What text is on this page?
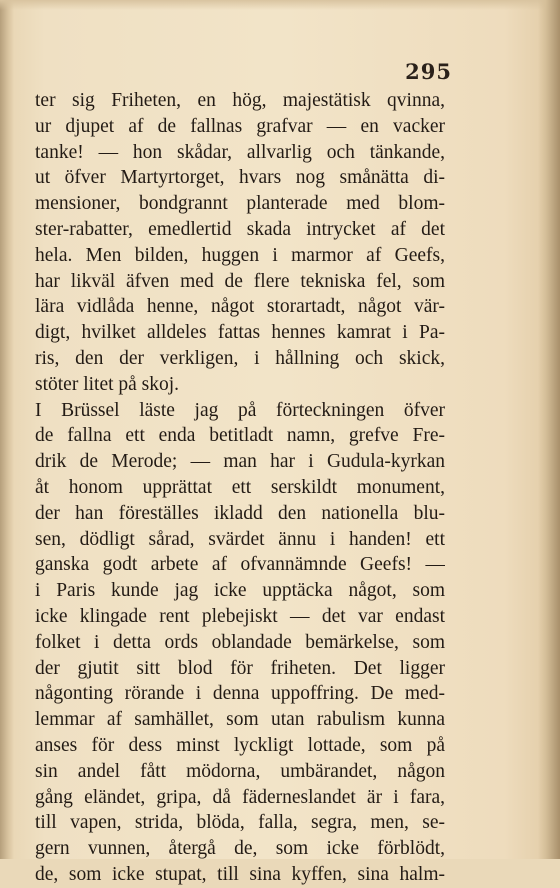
295
ter sig Friheten, en hög, majestätisk qvinna,
ur djupet af de fallnas grafvar — en vacker
tanke! — hon skådar, allvarlig och tänkande,
ut öfver Martyrtorget, hvars nog smånätta di-
mensioner, bondgrannt planterade med blom-
ster-rabatter, emedlertid skada intrycket af det
hela. Men bilden, huggen i marmor af Geefs,
har likväl äfven med de flere tekniska fel, som
lära vidlåda henne, något storartadt, något vär-
digt, hvilket alldeles fattas hennes kamrat i Pa-
ris, den der verkligen, i hållning och skick,
stöter litet på skoj.
I Brüssel läste jag på förteckningen öfver
de fallna ett enda betitladt namn, grefve Fre-
drik de Merode; — man har i Gudula-kyrkan
åt honom upprättat ett serskildt monument,
der han föreställes ikladd den nationella blu-
sen, dödligt sårad, svärdet ännu i handen! ett
ganska godt arbete af ofvannämnde Geefs! —
i Paris kunde jag icke upptäcka något, som
icke klingade rent plebejiskt — det var endast
folket i detta ords oblandade bemärkelse, som
der gjutit sitt blod för friheten. Det ligger
någonting rörande i denna uppoffring. De med-
lemmar af samhället, som utan rabulism kunna
anses för dess minst lyckligt lottade, som på
sin andel fått mödorna, umbärandet, någon
gång eländet, gripa, då fäderneslandet är i fara,
till vapen, strida, blöda, falla, segra, men, se-
gern vunnen, återgå de, som icke förblödt,
de, som icke stupat, till sina kyffen, sina halm-
